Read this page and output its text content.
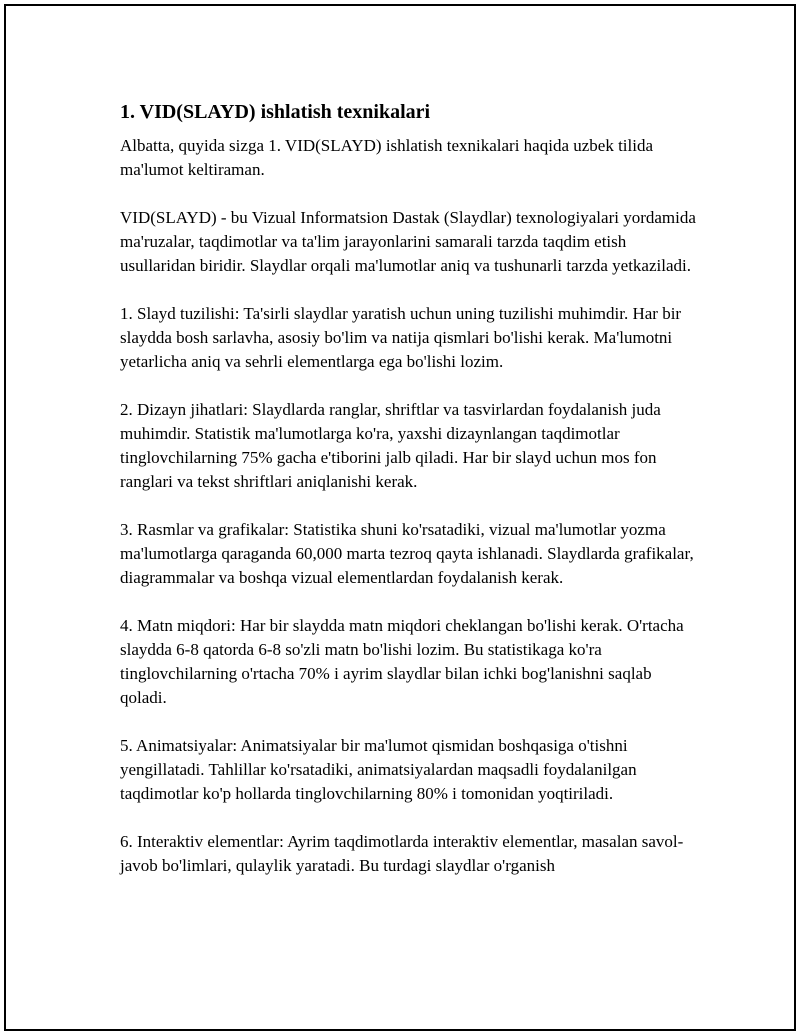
1. VID(SLAYD) ishlatish texnikalari

Albatta, quyida sizga 1. VID(SLAYD) ishlatish texnikalari haqida uzbek tilida ma'lumot keltiraman.

VID(SLAYD) - bu Vizual Informatsion Dastak (Slaydlar) texnologiyalari yordamida ma'ruzalar, taqdimotlar va ta'lim jarayonlarini samarali tarzda taqdim etish usullaridan biridir. Slaydlar orqali ma'lumotlar aniq va tushunarli tarzda yetkaziladi.

1. Slayd tuzilishi: Ta'sirli slaydlar yaratish uchun uning tuzilishi muhimdir. Har bir slaydda bosh sarlavha, asosiy bo'lim va natija qismlari bo'lishi kerak. Ma'lumotni yetarlicha aniq va sehrli elementlarga ega bo'lishi lozim.

2. Dizayn jihatlari: Slaydlarda ranglar, shriftlar va tasvirlardan foydalanish juda muhimdir. Statistik ma'lumotlarga ko'ra, yaxshi dizaynlangan taqdimotlar tinglovchilarning 75% gacha e'tiborini jalb qiladi. Har bir slayd uchun mos fon ranglari va tekst shriftlari aniqlanishi kerak.

3. Rasmlar va grafikalar: Statistika shuni ko'rsatadiki, vizual ma'lumotlar yozma ma'lumotlarga qaraganda 60,000 marta tezroq qayta ishlanadi. Slaydlarda grafikalar, diagrammalar va boshqa vizual elementlardan foydalanish kerak.

4. Matn miqdori: Har bir slaydda matn miqdori cheklangan bo'lishi kerak. O'rtacha slaydda 6-8 qatorda 6-8 so'zli matn bo'lishi lozim. Bu statistikaga ko'ra tinglovchilarning o'rtacha 70% i ayrim slaydlar bilan ichki bog'lanishni saqlab qoladi.

5. Animatsiyalar: Animatsiyalar bir ma'lumot qismidan boshqasiga o'tishni yengillatadi. Tahlillar ko'rsatadiki, animatsiyalardan maqsadli foydalanilgan taqdimotlar ko'p hollarda tinglovchilarning 80% i tomonidan yoqtiriladi.

6. Interaktiv elementlar: Ayrim taqdimotlarda interaktiv elementlar, masalan savol-javob bo'limlari, qulaylik yaratadi. Bu turdagi slaydlar o'rganish
